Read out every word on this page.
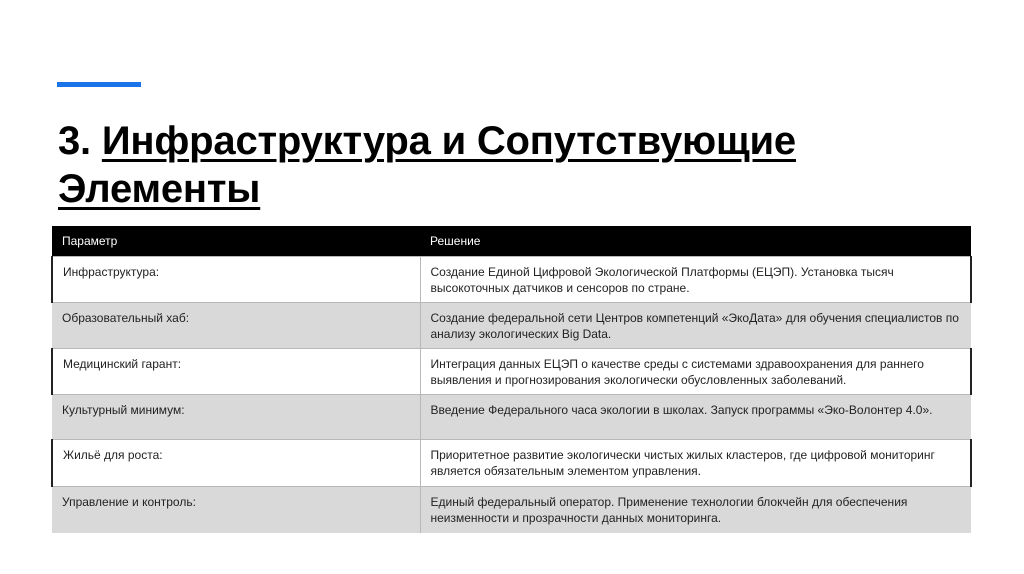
3. Инфраструктура и Сопутствующие
Элементы
Параметр	Решение
Инфраструктура:	Создание Единой Цифровой Экологической Платформы (ЕЦЭП). Установка тысяч высокоточных датчиков и сенсоров по стране.
Образовательный хаб:	Создание федеральной сети Центров компетенций «ЭкоДата» для обучения специалистов по анализу экологических Big Data.
Медицинский гарант:	Интеграция данных ЕЦЭП о качестве среды с системами здравоохранения для раннего выявления и прогнозирования экологически обусловленных заболеваний.
Культурный минимум:	Введение Федерального часа экологии в школах. Запуск программы «Эко-Волонтер 4.0».
Жильё для роста:	Приоритетное развитие экологически чистых жилых кластеров, где цифровой мониторинг является обязательным элементом управления.
Управление и контроль:	Единый федеральный оператор. Применение технологии блокчейн для обеспечения неизменности и прозрачности данных мониторинга.
